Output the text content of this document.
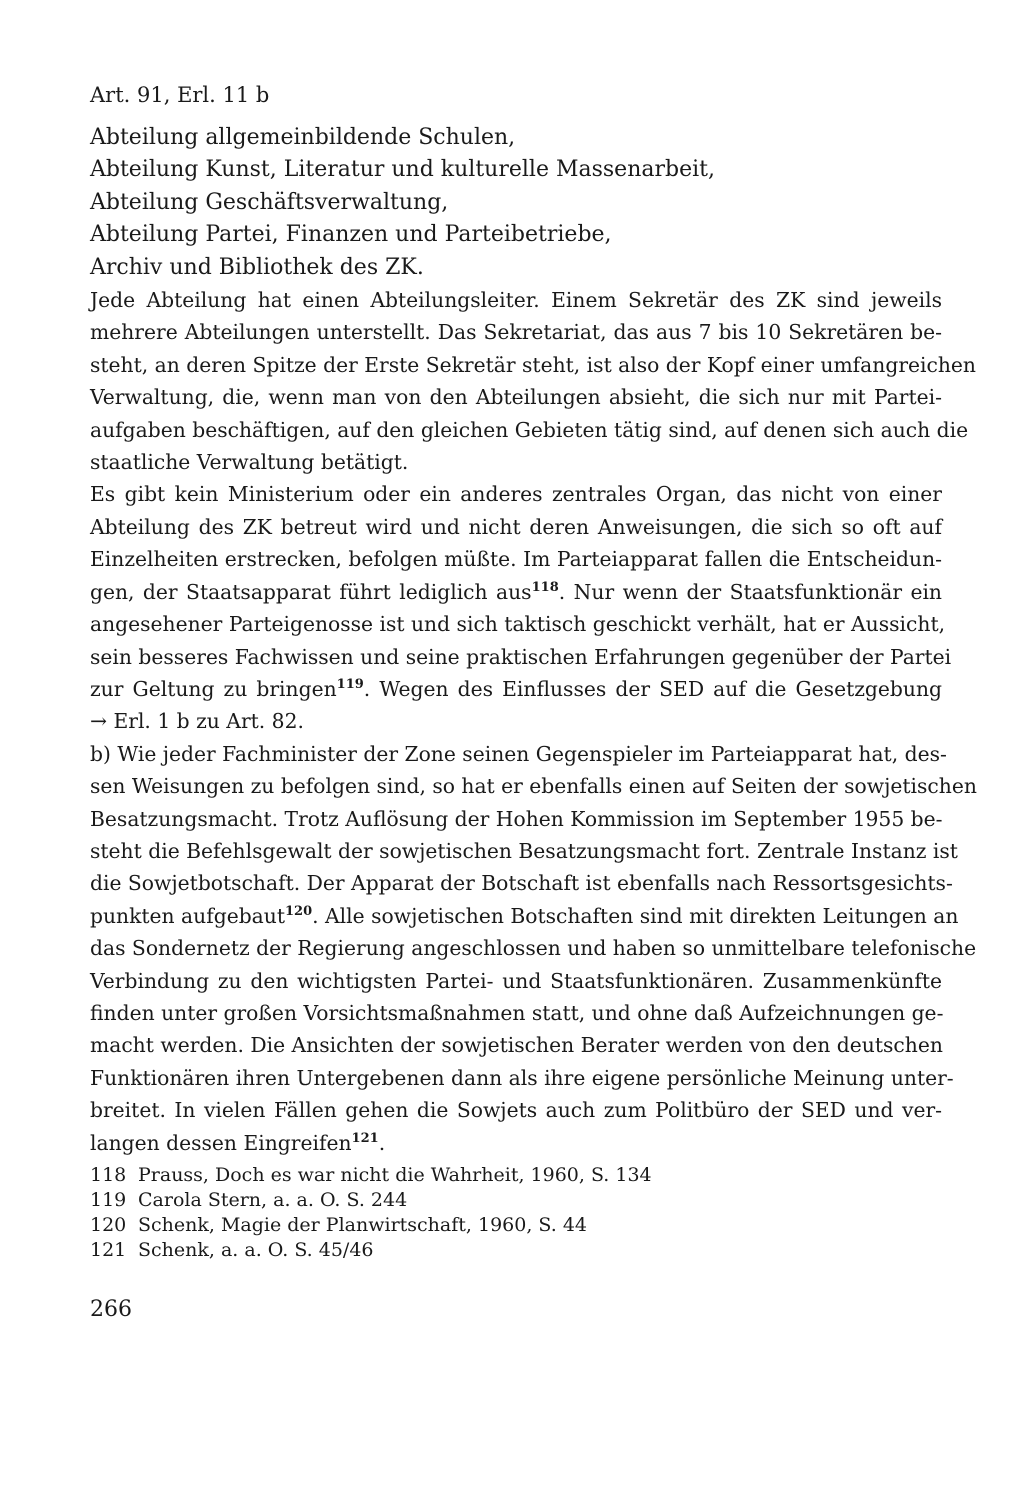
Art. 91, Erl. 11 b
Abteilung allgemeinbildende Schulen,
Abteilung Kunst, Literatur und kulturelle Massenarbeit,
Abteilung Geschäftsverwaltung,
Abteilung Partei, Finanzen und Parteibetriebe,
Archiv und Bibliothek des ZK.
Jede Abteilung hat einen Abteilungsleiter. Einem Sekretär des ZK sind jeweils
mehrere Abteilungen unterstellt. Das Sekretariat, das aus 7 bis 10 Sekretären be-
steht, an deren Spitze der Erste Sekretär steht, ist also der Kopf einer umfangreichen
Verwaltung, die, wenn man von den Abteilungen absieht, die sich nur mit Partei-
aufgaben beschäftigen, auf den gleichen Gebieten tätig sind, auf denen sich auch die
staatliche Verwaltung betätigt.
Es gibt kein Ministerium oder ein anderes zentrales Organ, das nicht von einer
Abteilung des ZK betreut wird und nicht deren Anweisungen, die sich so oft auf
Einzelheiten erstrecken, befolgen müßte. Im Parteiapparat fallen die Entscheidun-
gen, der Staatsapparat führt lediglich aus$^{118}$. Nur wenn der Staatsfunktionär ein
angesehener Parteigenosse ist und sich taktisch geschickt verhält, hat er Aussicht,
sein besseres Fachwissen und seine praktischen Erfahrungen gegenüber der Partei
zur Geltung zu bringen$^{119}$. Wegen des Einflusses der SED auf die Gesetzgebung
→ Erl. 1 b zu Art. 82.
b) Wie jeder Fachminister der Zone seinen Gegenspieler im Parteiapparat hat, des-
sen Weisungen zu befolgen sind, so hat er ebenfalls einen auf Seiten der sowjetischen
Besatzungsmacht. Trotz Auflösung der Hohen Kommission im September 1955 be-
steht die Befehlsgewalt der sowjetischen Besatzungsmacht fort. Zentrale Instanz ist
die Sowjetbotschaft. Der Apparat der Botschaft ist ebenfalls nach Ressortsgesichts-
punkten aufgebaut$^{120}$. Alle sowjetischen Botschaften sind mit direkten Leitungen an
das Sondernetz der Regierung angeschlossen und haben so unmittelbare telefonische
Verbindung zu den wichtigsten Partei- und Staatsfunktionären. Zusammenkünfte
finden unter großen Vorsichtsmaßnahmen statt, und ohne daß Aufzeichnungen ge-
macht werden. Die Ansichten der sowjetischen Berater werden von den deutschen
Funktionären ihren Untergebenen dann als ihre eigene persönliche Meinung unter-
breitet. In vielen Fällen gehen die Sowjets auch zum Politbüro der SED und ver-
langen dessen Eingreifen$^{121}$.
118 Prauss, Doch es war nicht die Wahrheit, 1960, S. 134
119 Carola Stern, a. a. O. S. 244
120 Schenk, Magie der Planwirtschaft, 1960, S. 44
121 Schenk, a. a. O. S. 45/46
266
